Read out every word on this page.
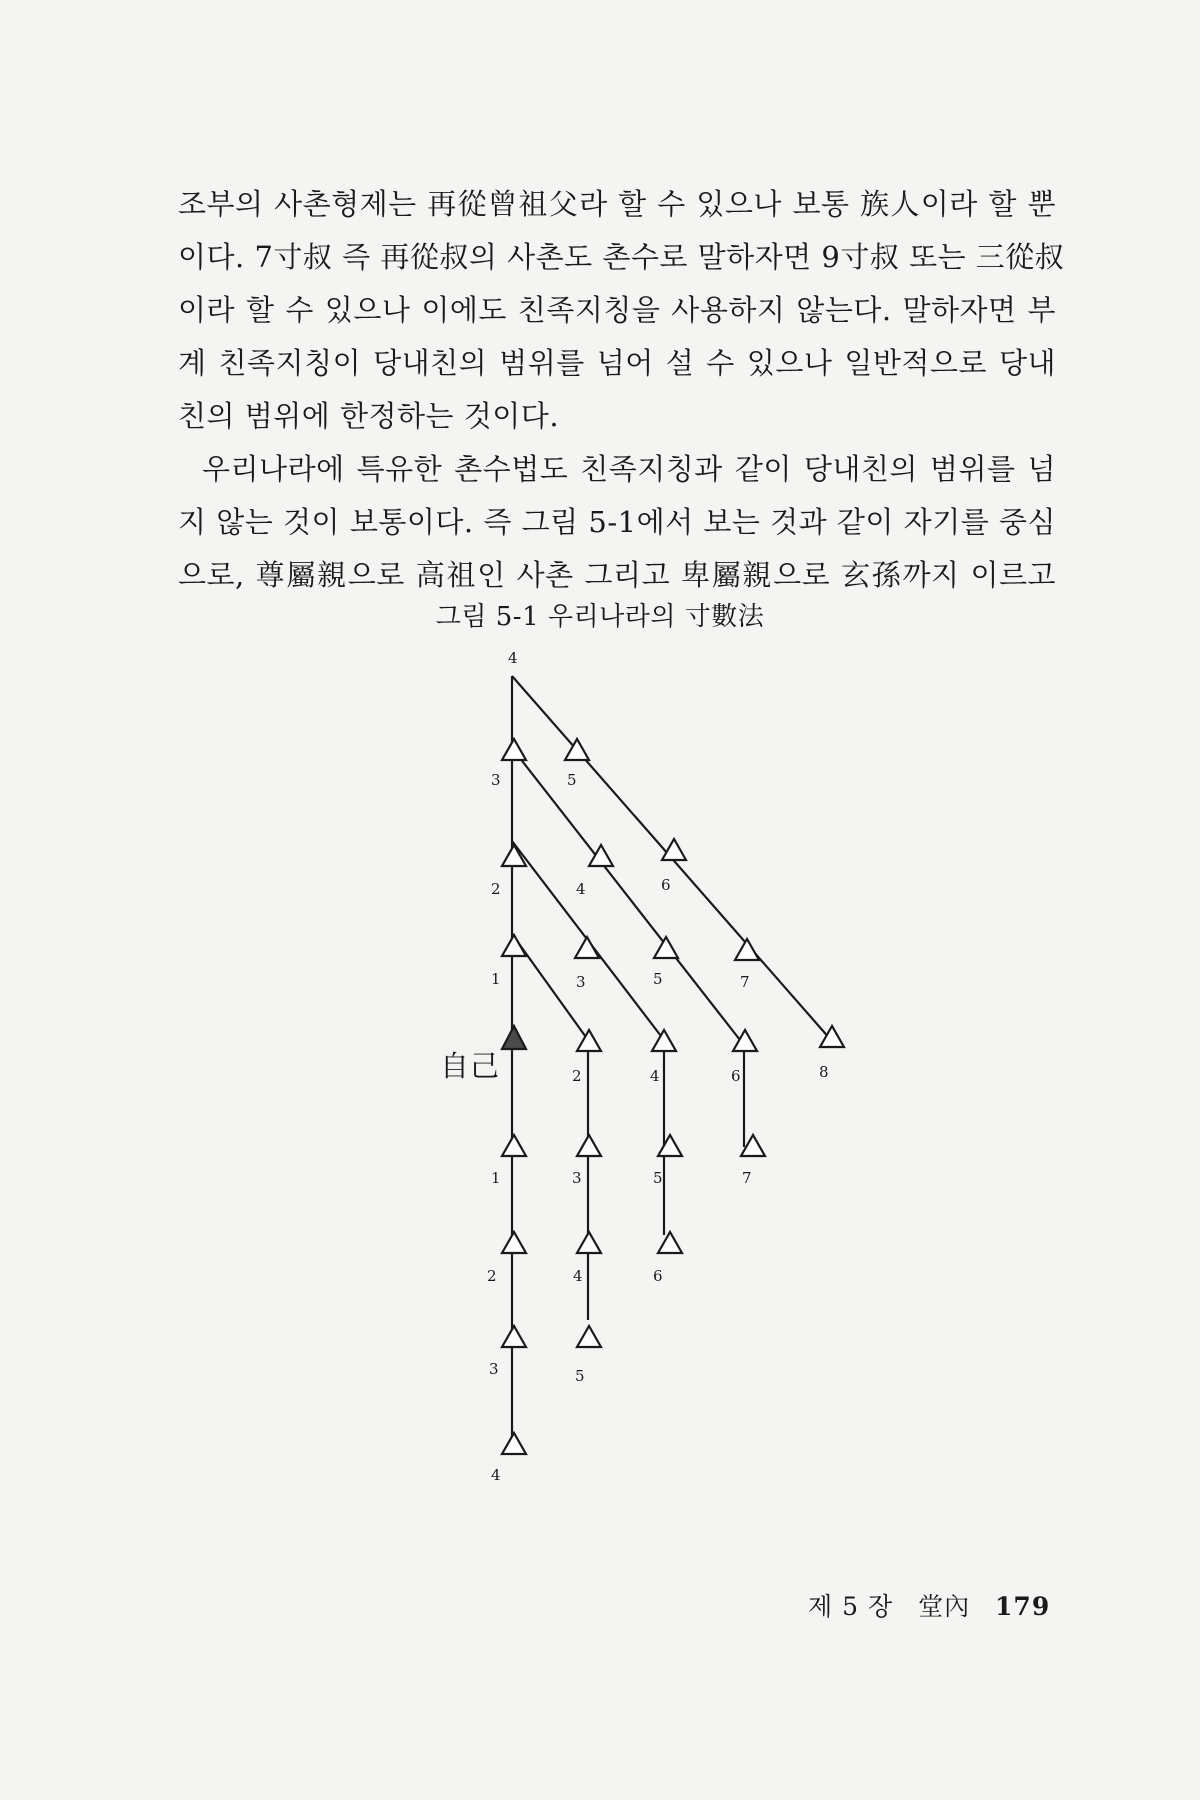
조부의 사촌형제는 再從曾祖父라 할 수 있으나 보통 族人이라 할 뿐
이다. 7寸叔 즉 再從叔의 사촌도 촌수로 말하자면 9寸叔 또는 三從叔
이라 할 수 있으나 이에도 친족지칭을 사용하지 않는다. 말하자면 부
계 친족지칭이 당내친의 범위를 넘어 설 수 있으나 일반적으로 당내
친의 범위에 한정하는 것이다.
우리나라에 특유한 촌수법도 친족지칭과 같이 당내친의 범위를 넘
지 않는 것이 보통이다. 즉 그림 5-1에서 보는 것과 같이 자기를 중심
으로, 尊屬親으로 高祖인 사촌 그리고 卑屬親으로 玄孫까지 이르고
그림 5-1 우리나라의 寸數法
4
3	5
2	4	6
1	3	5	7
2	4	6	8
1	3	5	7
2	4	6
3	5
4
自己
제 5 장 堂內 179
